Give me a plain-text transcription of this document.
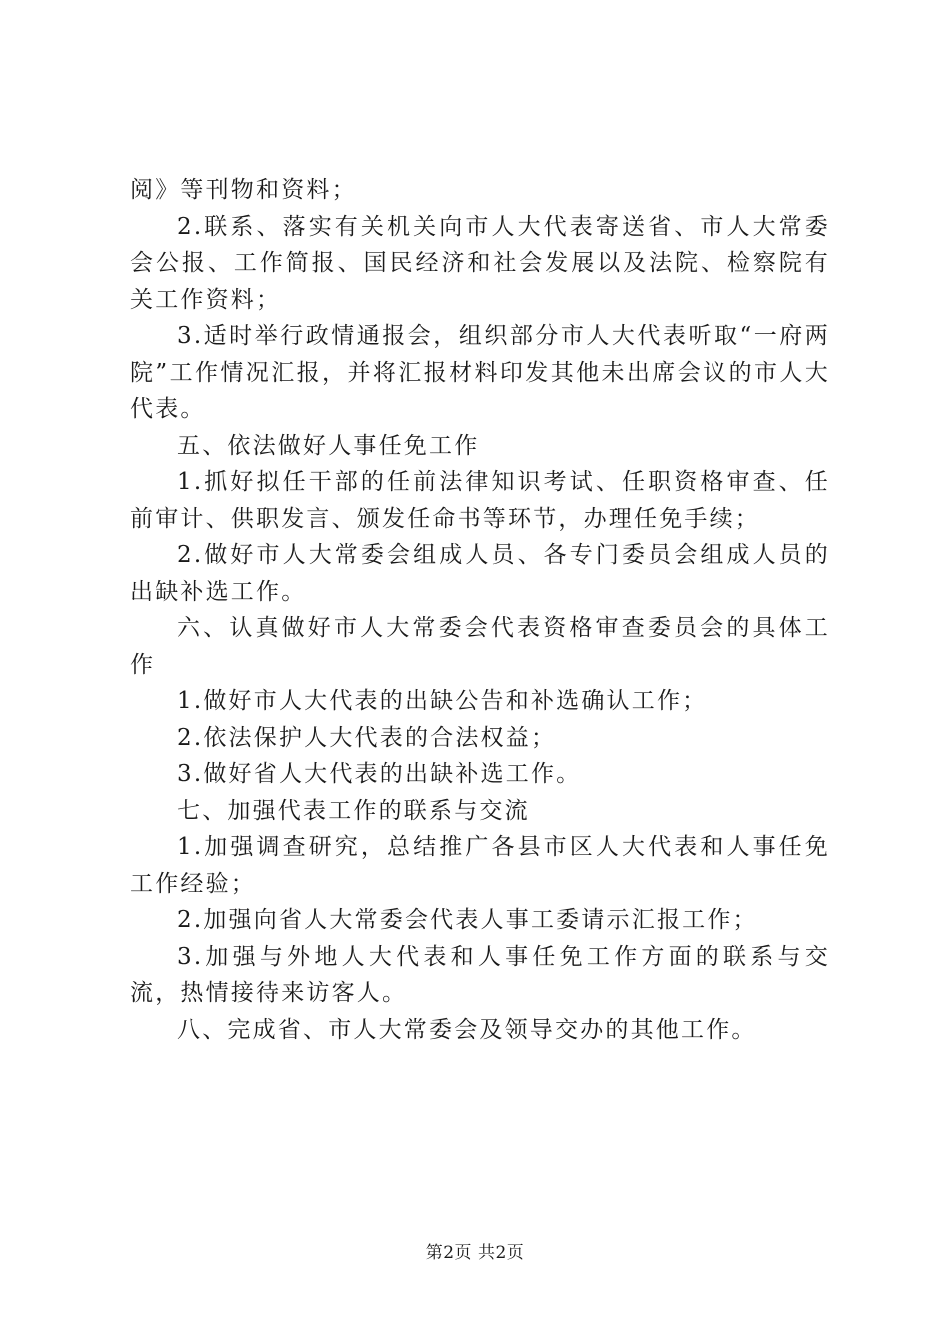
阅》等刊物和资料；

2.联系、落实有关机关向市人大代表寄送省、市人大常委会公报、工作简报、国民经济和社会发展以及法院、检察院有关工作资料；

3.适时举行政情通报会，组织部分市人大代表听取“一府两院”工作情况汇报，并将汇报材料印发其他未出席会议的市人大代表。

五、依法做好人事任免工作

1.抓好拟任干部的任前法律知识考试、任职资格审查、任前审计、供职发言、颁发任命书等环节，办理任免手续；

2.做好市人大常委会组成人员、各专门委员会组成人员的出缺补选工作。

六、认真做好市人大常委会代表资格审查委员会的具体工作

1.做好市人大代表的出缺公告和补选确认工作；

2.依法保护人大代表的合法权益；

3.做好省人大代表的出缺补选工作。

七、加强代表工作的联系与交流

1.加强调查研究，总结推广各县市区人大代表和人事任免工作经验；

2.加强向省人大常委会代表人事工委请示汇报工作；

3.加强与外地人大代表和人事任免工作方面的联系与交流，热情接待来访客人。

八、完成省、市人大常委会及领导交办的其他工作。

第2页 共2页
